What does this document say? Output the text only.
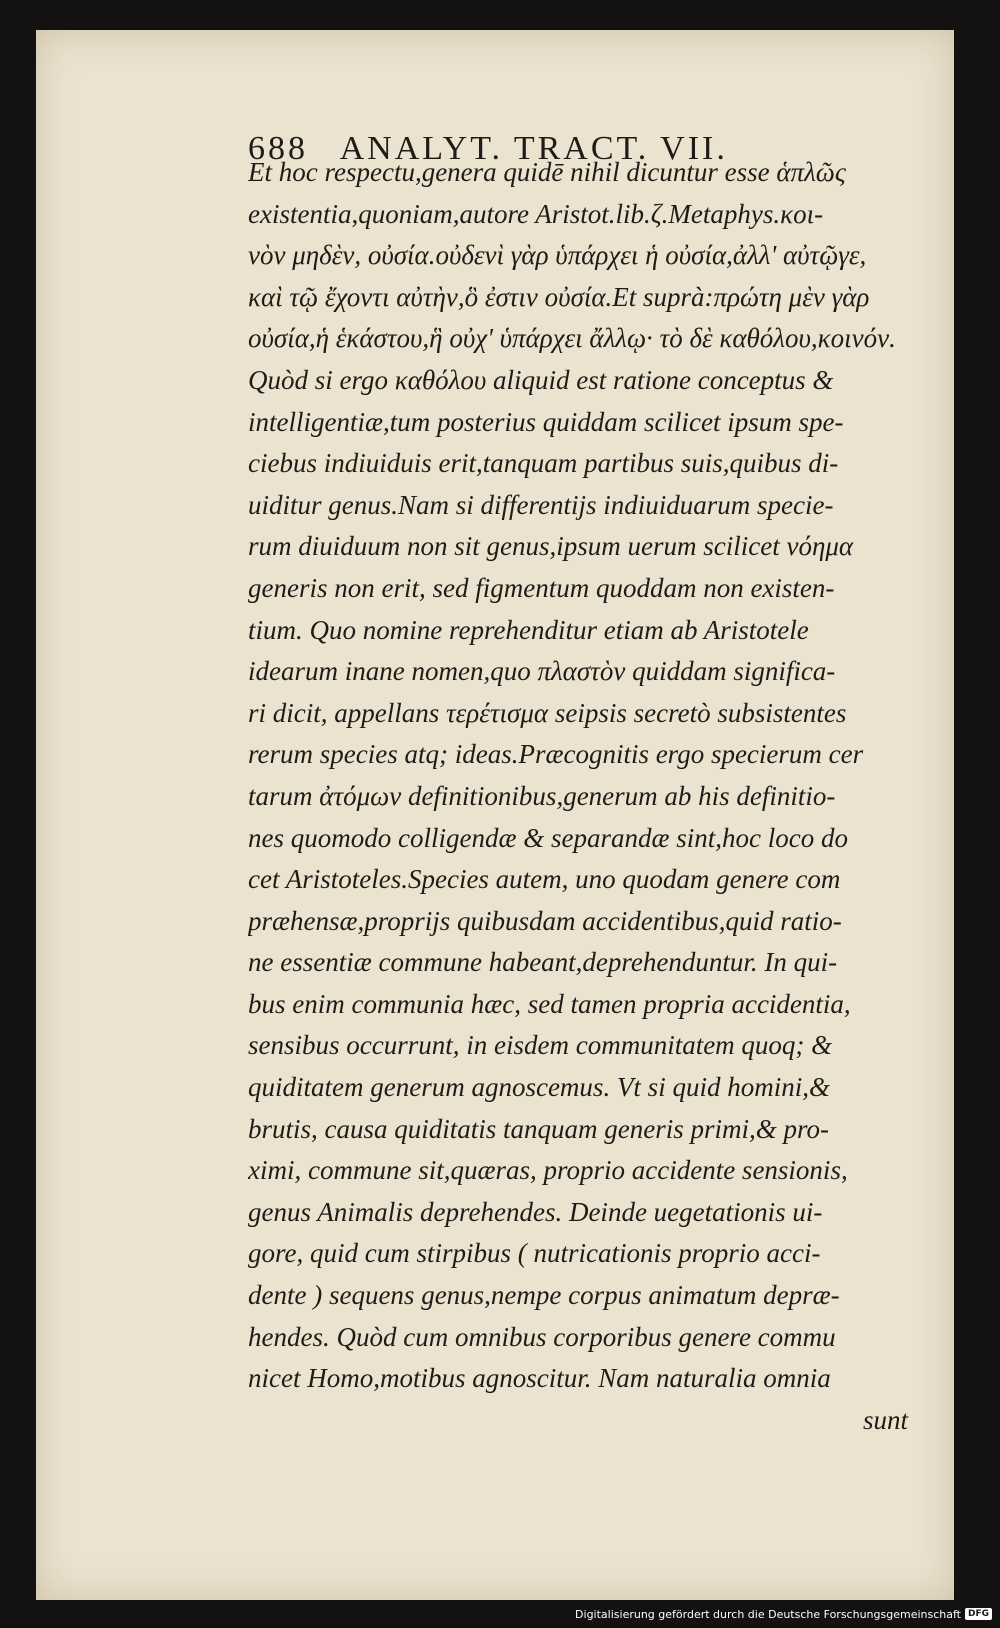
688 ANALYT. TRACT. VII.
Et hoc respectu,genera quidē nihil dicuntur esse ἁπλῶς
existentia,quoniam,autore Aristot.lib.ζ.Metaphys.κοι-
νὸν μηδὲν, οὐσία.οὐδενὶ γὰρ ὑπάρχει ἡ οὐσία,ἀλλ' αὐτῷγε,
καὶ τῷ ἔχοντι αὐτὴν,ὃ ἐστιν οὐσία.Et suprà:πρώτη μὲν γὰρ
οὐσία,ἡ ἑκάστου,ἣ οὐχ' ὑπάρχει ἄλλῳ· τὸ δὲ καθόλου,κοινόν.
Quòd si ergo καθόλου aliquid est ratione conceptus &
intelligentiæ,tum posterius quiddam scilicet ipsum spe-
ciebus indiuiduis erit,tanquam partibus suis,quibus di-
uiditur genus.Nam si differentijs indiuiduarum specie-
rum diuiduum non sit genus,ipsum uerum scilicet νόημα
generis non erit, sed figmentum quoddam non existen-
tium. Quo nomine reprehenditur etiam ab Aristotele
idearum inane nomen,quo πλαστὸν quiddam significa-
ri dicit, appellans τερέτισμα seipsis secretò subsistentes
rerum species atq; ideas.Præcognitis ergo specierum cer
tarum ἀτόμων definitionibus,generum ab his definitio-
nes quomodo colligendæ & separandæ sint,hoc loco do
cet Aristoteles.Species autem, uno quodam genere com
præhensæ,proprijs quibusdam accidentibus,quid ratio-
ne essentiæ commune habeant,deprehenduntur. In qui-
bus enim communia hæc, sed tamen propria accidentia,
sensibus occurrunt, in eisdem communitatem quoq; &
quiditatem generum agnoscemus. Vt si quid homini,&
brutis, causa quiditatis tanquam generis primi,& pro-
ximi, commune sit,quæras, proprio accidente sensionis,
genus Animalis deprehendes. Deinde uegetationis ui-
gore, quid cum stirpibus ( nutricationis proprio acci-
dente ) sequens genus,nempe corpus animatum depræ-
hendes. Quòd cum omnibus corporibus genere commu
nicet Homo,motibus agnoscitur. Nam naturalia omnia
sunt
Digitalisierung gefördert durch die Deutsche Forschungsgemeinschaft DFG
